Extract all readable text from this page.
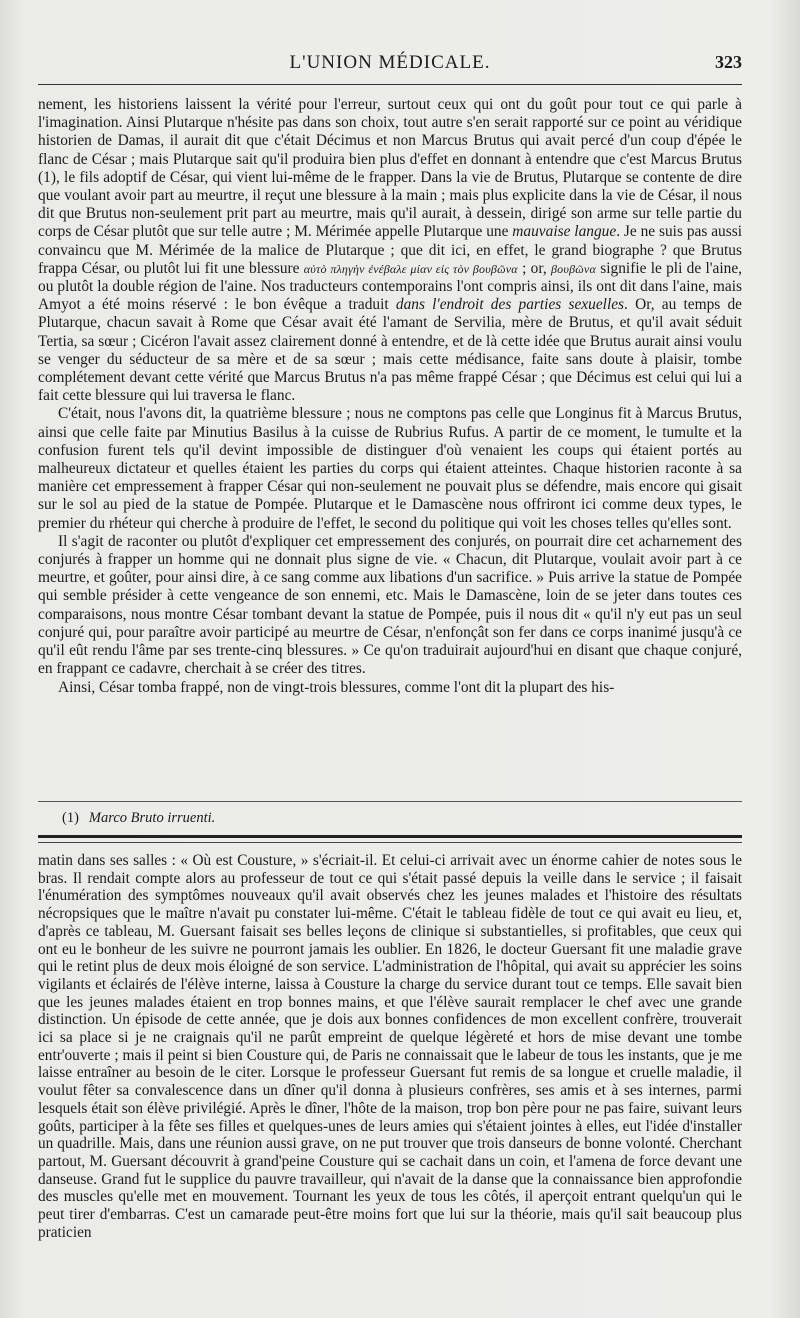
L'UNION MÉDICALE.	323

nement, les historiens laissent la vérité pour l'erreur, surtout ceux qui ont du goût pour tout ce qui parle à l'imagination. Ainsi Plutarque n'hésite pas dans son choix, tout autre s'en serait rapporté sur ce point au véridique historien de Damas, il aurait dit que c'était Décimus et non Marcus Brutus qui avait percé d'un coup d'épée le flanc de César ; mais Plutarque sait qu'il produira bien plus d'effet en donnant à entendre que c'est Marcus Brutus (1), le fils adoptif de César, qui vient lui-même de le frapper. Dans la vie de Brutus, Plutarque se contente de dire que voulant avoir part au meurtre, il reçut une blessure à la main ; mais plus explicite dans la vie de César, il nous dit que Brutus non-seulement prit part au meurtre, mais qu'il aurait, à dessein, dirigé son arme sur telle partie du corps de César plutôt que sur telle autre ; M. Mérimée appelle Plutarque une mauvaise langue. Je ne suis pas aussi convaincu que M. Mérimée de la malice de Plutarque ; que dit ici, en effet, le grand biographe ? que Brutus frappa César, ou plutôt lui fit une blessure αὐτὸ πληγὴν ἐνέβαλε μίαν εἰς τὸν βουβῶνα ; or, βουβῶνα signifie le pli de l'aine, ou plutôt la double région de l'aine. Nos traducteurs contemporains l'ont compris ainsi, ils ont dit dans l'aine, mais Amyot a été moins réservé : le bon évêque a traduit dans l'endroit des parties sexuelles. Or, au temps de Plutarque, chacun savait à Rome que César avait été l'amant de Servilia, mère de Brutus, et qu'il avait séduit Tertia, sa sœur ; Cicéron l'avait assez clairement donné à entendre, et de là cette idée que Brutus aurait ainsi voulu se venger du séducteur de sa mère et de sa sœur ; mais cette médisance, faite sans doute à plaisir, tombe complétement devant cette vérité que Marcus Brutus n'a pas même frappé César ; que Décimus est celui qui lui a fait cette blessure qui lui traversa le flanc.

C'était, nous l'avons dit, la quatrième blessure ; nous ne comptons pas celle que Longinus fit à Marcus Brutus, ainsi que celle faite par Minutius Basilus à la cuisse de Rubrius Rufus. A partir de ce moment, le tumulte et la confusion furent tels qu'il devint impossible de distinguer d'où venaient les coups qui étaient portés au malheureux dictateur et quelles étaient les parties du corps qui étaient atteintes. Chaque historien raconte à sa manière cet empressement à frapper César qui non-seulement ne pouvait plus se défendre, mais encore qui gisait sur le sol au pied de la statue de Pompée. Plutarque et le Damascène nous offriront ici comme deux types, le premier du rhéteur qui cherche à produire de l'effet, le second du politique qui voit les choses telles qu'elles sont.

Il s'agit de raconter ou plutôt d'expliquer cet empressement des conjurés, on pourrait dire cet acharnement des conjurés à frapper un homme qui ne donnait plus signe de vie. « Chacun, dit Plutarque, voulait avoir part à ce meurtre, et goûter, pour ainsi dire, à ce sang comme aux libations d'un sacrifice. » Puis arrive la statue de Pompée qui semble présider à cette vengeance de son ennemi, etc. Mais le Damascène, loin de se jeter dans toutes ces comparaisons, nous montre César tombant devant la statue de Pompée, puis il nous dit « qu'il n'y eut pas un seul conjuré qui, pour paraître avoir participé au meurtre de César, n'enfonçât son fer dans ce corps inanimé jusqu'à ce qu'il eût rendu l'âme par ses trente-cinq blessures. » Ce qu'on traduirait aujourd'hui en disant que chaque conjuré, en frappant ce cadavre, cherchait à se créer des titres.

Ainsi, César tomba frappé, non de vingt-trois blessures, comme l'ont dit la plupart des his-

(1) Marco Bruto irruenti.

matin dans ses salles : « Où est Cousture, » s'écriait-il. Et celui-ci arrivait avec un énorme cahier de notes sous le bras. Il rendait compte alors au professeur de tout ce qui s'était passé depuis la veille dans le service ; il faisait l'énumération des symptômes nouveaux qu'il avait observés chez les jeunes malades et l'histoire des résultats nécropsiques que le maître n'avait pu constater lui-même. C'était le tableau fidèle de tout ce qui avait eu lieu, et, d'après ce tableau, M. Guersant faisait ses belles leçons de clinique si substantielles, si profitables, que ceux qui ont eu le bonheur de les suivre ne pourront jamais les oublier. En 1826, le docteur Guersant fit une maladie grave qui le retint plus de deux mois éloigné de son service. L'administration de l'hôpital, qui avait su apprécier les soins vigilants et éclairés de l'élève interne, laissa à Cousture la charge du service durant tout ce temps. Elle savait bien que les jeunes malades étaient en trop bonnes mains, et que l'élève saurait remplacer le chef avec une grande distinction. Un épisode de cette année, que je dois aux bonnes confidences de mon excellent confrère, trouverait ici sa place si je ne craignais qu'il ne parût empreint de quelque légèreté et hors de mise devant une tombe entr'ouverte ; mais il peint si bien Cousture qui, de Paris ne connaissait que le labeur de tous les instants, que je me laisse entraîner au besoin de le citer. Lorsque le professeur Guersant fut remis de sa longue et cruelle maladie, il voulut fêter sa convalescence dans un dîner qu'il donna à plusieurs confrères, ses amis et à ses internes, parmi lesquels était son élève privilégié. Après le dîner, l'hôte de la maison, trop bon père pour ne pas faire, suivant leurs goûts, participer à la fête ses filles et quelques-unes de leurs amies qui s'étaient jointes à elles, eut l'idée d'installer un quadrille. Mais, dans une réunion aussi grave, on ne put trouver que trois danseurs de bonne volonté. Cherchant partout, M. Guersant découvrit à grand'peine Cousture qui se cachait dans un coin, et l'amena de force devant une danseuse. Grand fut le supplice du pauvre travailleur, qui n'avait de la danse que la connaissance bien approfondie des muscles qu'elle met en mouvement. Tournant les yeux de tous les côtés, il aperçoit entrant quelqu'un qui le peut tirer d'embarras. C'est un camarade peut-être moins fort que lui sur la théorie, mais qu'il sait beaucoup plus praticien
